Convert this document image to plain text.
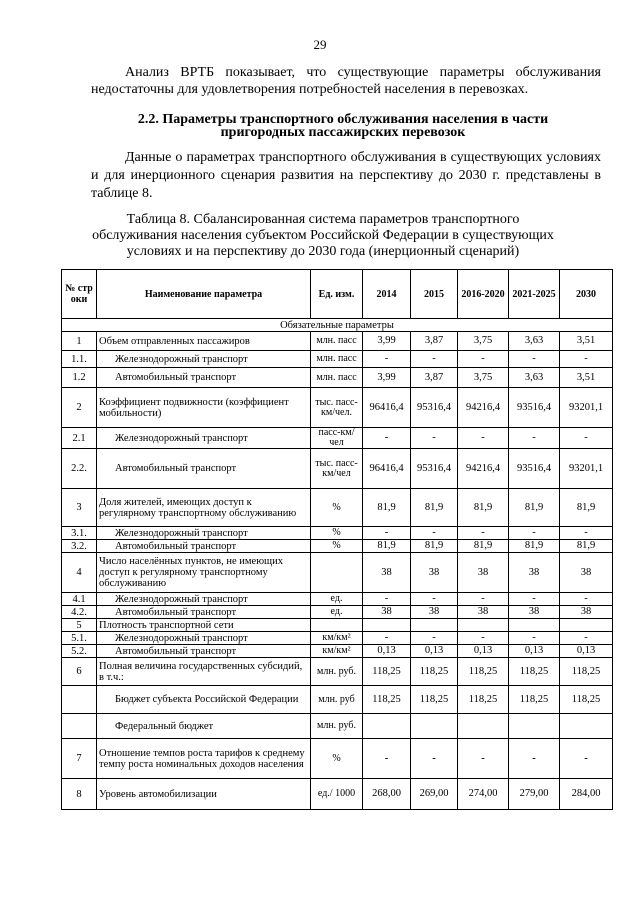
29
Анализ ВРТБ показывает, что существующие параметры обслуживания недостаточны для удовлетворения потребностей населения в перевозках.
2.2. Параметры транспортного обслуживания населения в части пригородных пассажирских перевозок
Данные о параметрах транспортного обслуживания в существующих условиях и для инерционного сценария развития на перспективу до 2030 г. представлены в таблице 8.
Таблица 8. Сбалансированная система параметров транспортного обслуживания населения субъектом Российской Федерации в существующих условиях и на перспективу до 2030 года (инерционный сценарий)
№ стр оки	Наименование параметра	Ед. изм.	2014	2015	2016-2020	2021-2025	2030
Обязательные параметры							
1	Объем отправленных пассажиров	млн. пасс	3,99	3,87	3,75	3,63	3,51
1.1.	Железнодорожный транспорт	млн. пасс	-	-	-	-	-
1.2	Автомобильный транспорт	млн. пасс	3,99	3,87	3,75	3,63	3,51
2	Коэффициент подвижности (коэффициент мобильности)	тыс. пасс-км/чел.	96416,4	95316,4	94216,4	93516,4	93201,1
2.1	Железнодорожный транспорт	пасс-км/чел	-	-	-	-	-
2.2.	Автомобильный транспорт	тыс. пасс-км/чел	96416,4	95316,4	94216,4	93516,4	93201,1
3	Доля жителей, имеющих доступ к регулярному транспортному обслуживанию	%	81,9	81,9	81,9	81,9	81,9
3.1.	Железнодорожный транспорт	%	-	-	-	-	-
3.2.	Автомобильный транспорт	%	81,9	81,9	81,9	81,9	81,9
4	Число населённых пунктов, не имеющих доступ к регулярному транспортному обслуживанию		38	38	38	38	38
4.1	Железнодорожный транспорт	ед.	-	-	-	-	-
4.2.	Автомобильный транспорт	ед.	38	38	38	38	38
5	Плотность транспортной сети						
5.1.	Железнодорожный транспорт	км/км²	-	-	-	-	-
5.2.	Автомобильный транспорт	км/км²	0,13	0,13	0,13	0,13	0,13
6	Полная величина государственных субсидий, в т.ч.:	млн. руб.	118,25	118,25	118,25	118,25	118,25
	Бюджет субъекта Российской Федерации	млн. руб	118,25	118,25	118,25	118,25	118,25
	Федеральный бюджет	млн. руб.					
7	Отношение темпов роста тарифов к среднему темпу роста номинальных доходов населения	%	-	-	-	-	-
8	Уровень автомобилизации	ед./ 1000	268,00	269,00	274,00	279,00	284,00
